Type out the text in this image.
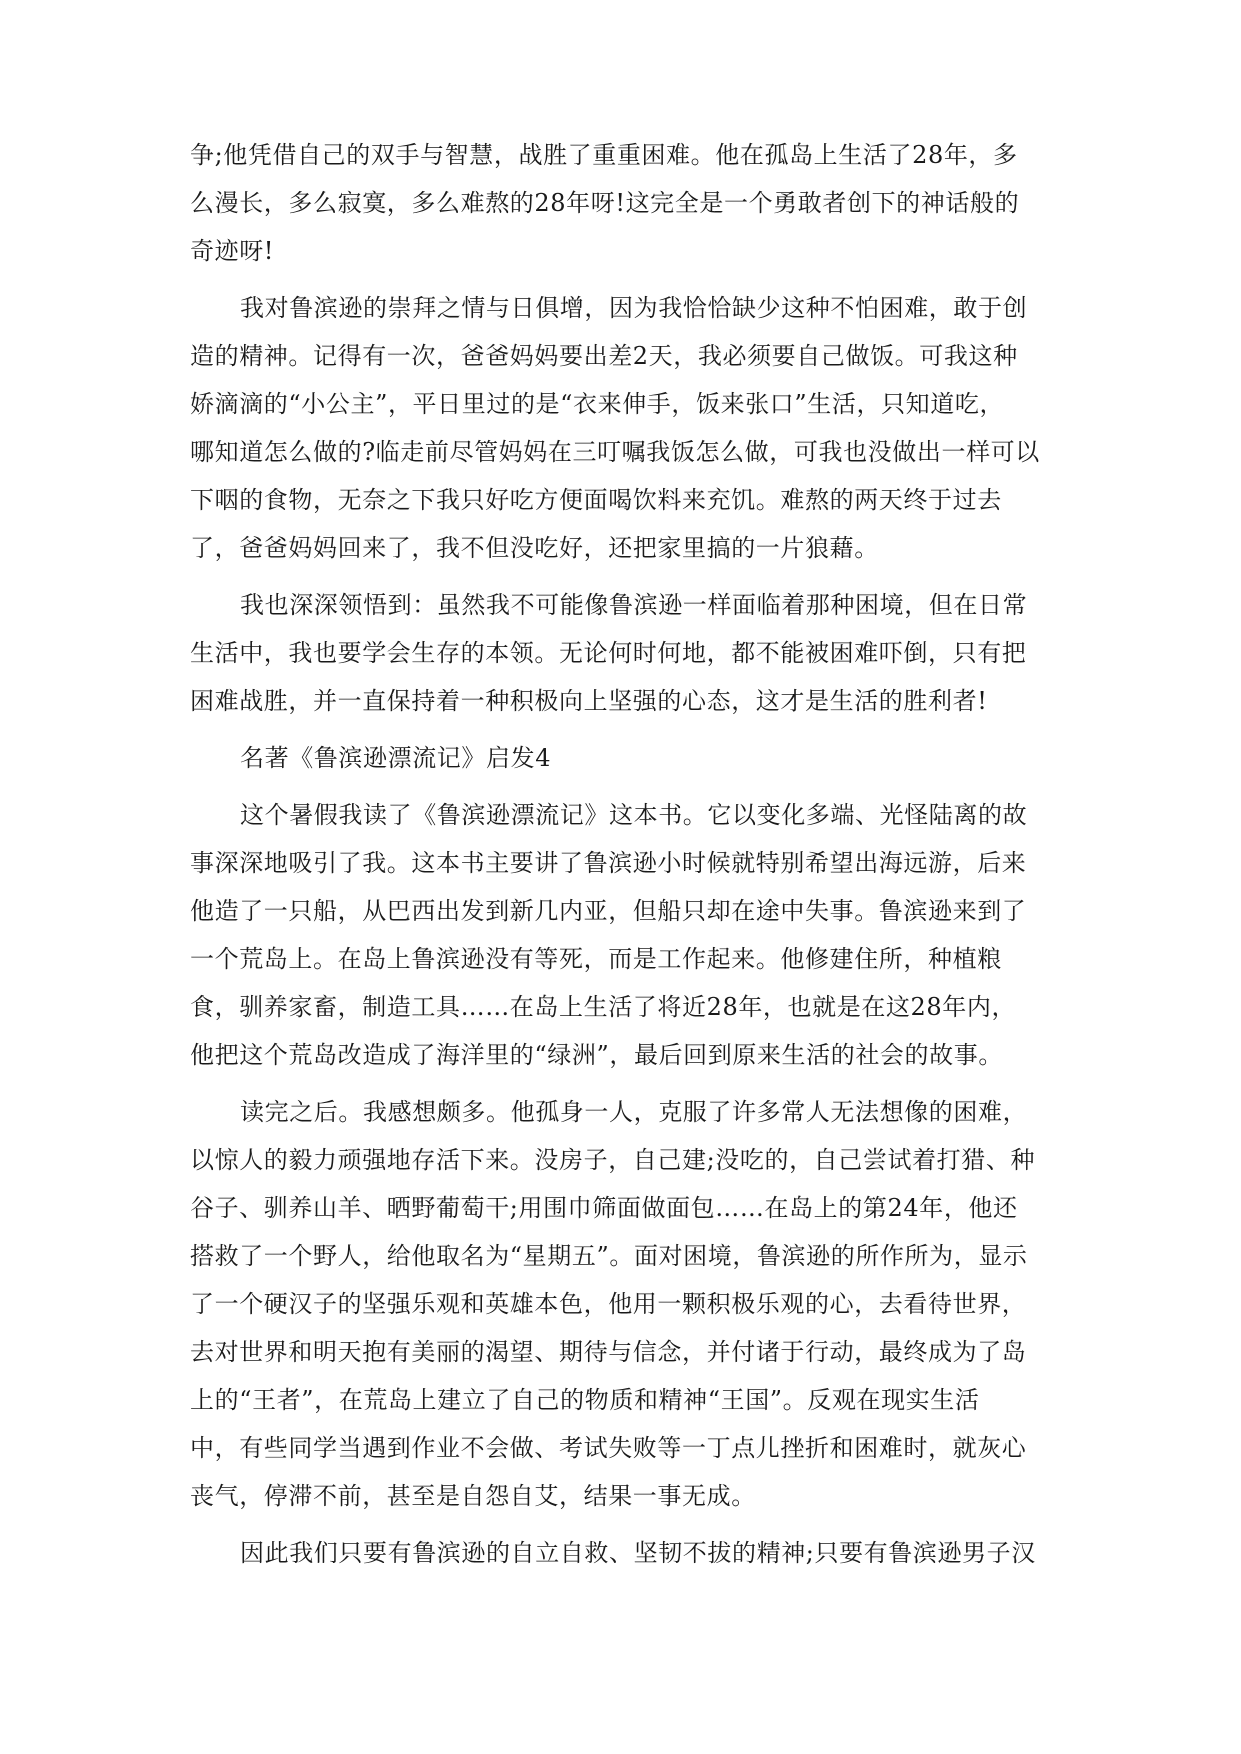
争;他凭借自己的双手与智慧，战胜了重重困难。他在孤岛上生活了28年，多
么漫长，多么寂寞，多么难熬的28年呀!这完全是一个勇敢者创下的神话般的
奇迹呀!
我对鲁滨逊的崇拜之情与日俱增，因为我恰恰缺少这种不怕困难，敢于创
造的精神。记得有一次，爸爸妈妈要出差2天，我必须要自己做饭。可我这种
娇滴滴的“小公主”，平日里过的是“衣来伸手，饭来张口”生活，只知道吃，
哪知道怎么做的?临走前尽管妈妈在三叮嘱我饭怎么做，可我也没做出一样可以
下咽的食物，无奈之下我只好吃方便面喝饮料来充饥。难熬的两天终于过去
了，爸爸妈妈回来了，我不但没吃好，还把家里搞的一片狼藉。
我也深深领悟到：虽然我不可能像鲁滨逊一样面临着那种困境，但在日常
生活中，我也要学会生存的本领。无论何时何地，都不能被困难吓倒，只有把
困难战胜，并一直保持着一种积极向上坚强的心态，这才是生活的胜利者!
名著《鲁滨逊漂流记》启发4
这个暑假我读了《鲁滨逊漂流记》这本书。它以变化多端、光怪陆离的故
事深深地吸引了我。这本书主要讲了鲁滨逊小时候就特别希望出海远游，后来
他造了一只船，从巴西出发到新几内亚，但船只却在途中失事。鲁滨逊来到了
一个荒岛上。在岛上鲁滨逊没有等死，而是工作起来。他修建住所，种植粮
食，驯养家畜，制造工具……在岛上生活了将近28年，也就是在这28年内，
他把这个荒岛改造成了海洋里的“绿洲”，最后回到原来生活的社会的故事。
读完之后。我感想颇多。他孤身一人，克服了许多常人无法想像的困难，
以惊人的毅力顽强地存活下来。没房子，自己建;没吃的，自己尝试着打猎、种
谷子、驯养山羊、晒野葡萄干;用围巾筛面做面包……在岛上的第24年，他还
搭救了一个野人，给他取名为“星期五”。面对困境，鲁滨逊的所作所为，显示
了一个硬汉子的坚强乐观和英雄本色，他用一颗积极乐观的心，去看待世界，
去对世界和明天抱有美丽的渴望、期待与信念，并付诸于行动，最终成为了岛
上的“王者”，在荒岛上建立了自己的物质和精神“王国”。反观在现实生活
中，有些同学当遇到作业不会做、考试失败等一丁点儿挫折和困难时，就灰心
丧气，停滞不前，甚至是自怨自艾，结果一事无成。
因此我们只要有鲁滨逊的自立自救、坚韧不拔的精神;只要有鲁滨逊男子汉
